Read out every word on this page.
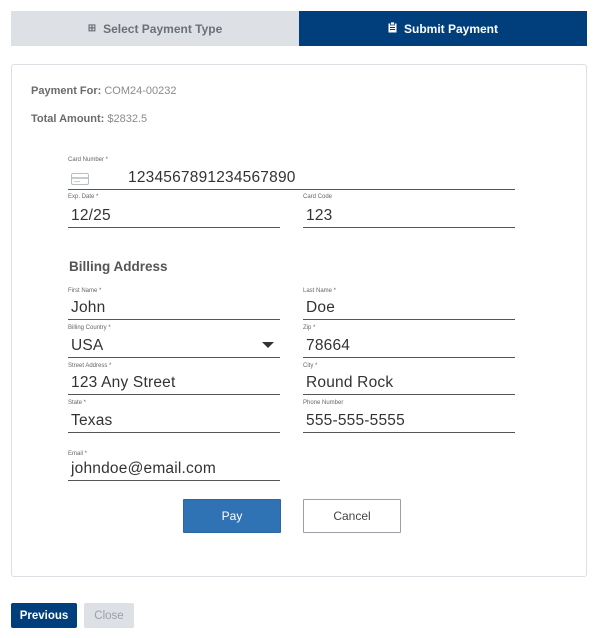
⊞ Select Payment Type	Submit Payment
Payment For: COM24-00232
Total Amount: $2832.5
Card Number *
1234567891234567890
Exp. Date *
12/25
Card Code
123
Billing Address
First Name *
John
Last Name *
Doe
Billing Country *
USA
Zip *
78664
Street Address *
123 Any Street
City *
Round Rock
State *
Texas
Phone Number
555-555-5555
Email *
johndoe@email.com
Pay	Cancel
Previous	Close
